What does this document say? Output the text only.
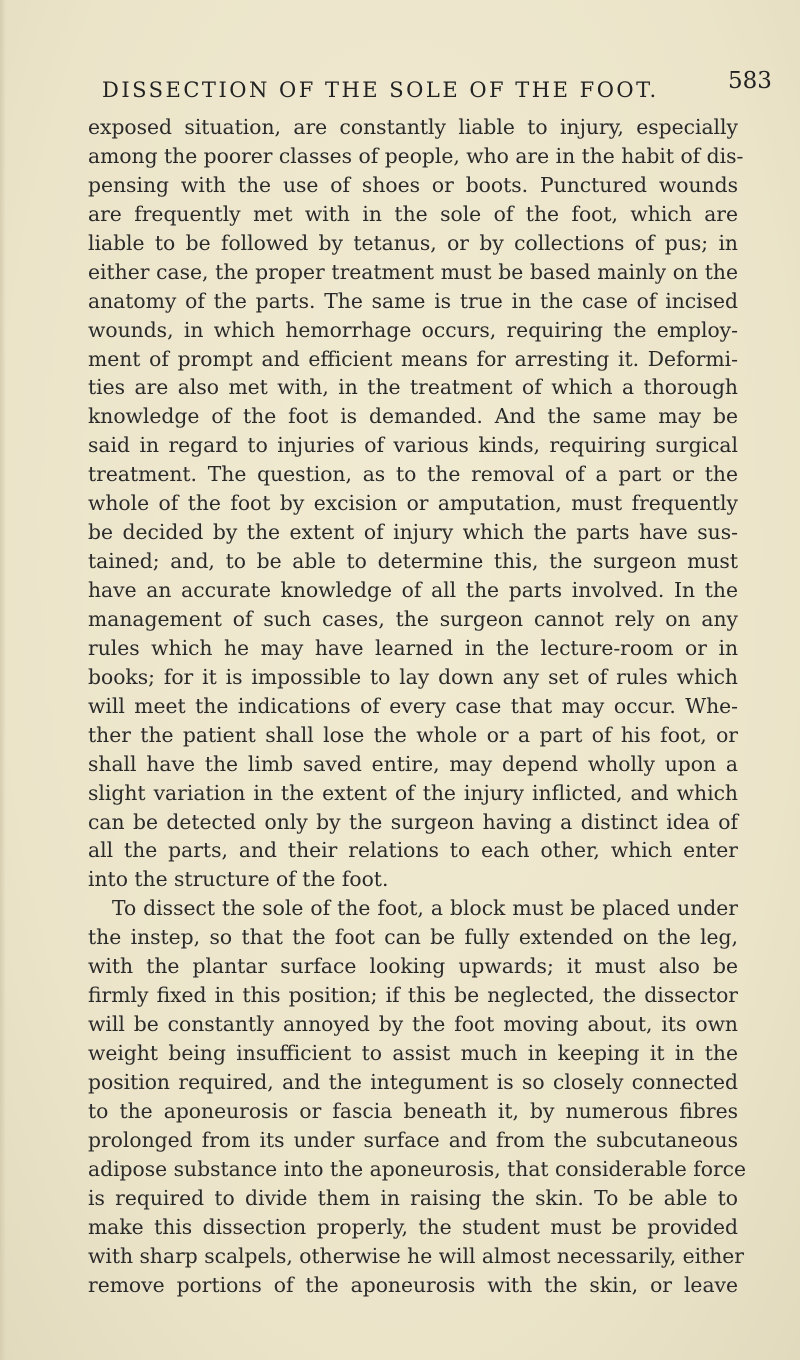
DISSECTION OF THE SOLE OF THE FOOT.	583
exposed situation, are constantly liable to injury, especially
among the poorer classes of people, who are in the habit of dis-
pensing with the use of shoes or boots. Punctured wounds
are frequently met with in the sole of the foot, which are
liable to be followed by tetanus, or by collections of pus; in
either case, the proper treatment must be based mainly on the
anatomy of the parts. The same is true in the case of incised
wounds, in which hemorrhage occurs, requiring the employ-
ment of prompt and efficient means for arresting it. Deformi-
ties are also met with, in the treatment of which a thorough
knowledge of the foot is demanded. And the same may be
said in regard to injuries of various kinds, requiring surgical
treatment. The question, as to the removal of a part or the
whole of the foot by excision or amputation, must frequently
be decided by the extent of injury which the parts have sus-
tained; and, to be able to determine this, the surgeon must
have an accurate knowledge of all the parts involved. In the
management of such cases, the surgeon cannot rely on any
rules which he may have learned in the lecture-room or in
books; for it is impossible to lay down any set of rules which
will meet the indications of every case that may occur. Whe-
ther the patient shall lose the whole or a part of his foot, or
shall have the limb saved entire, may depend wholly upon a
slight variation in the extent of the injury inflicted, and which
can be detected only by the surgeon having a distinct idea of
all the parts, and their relations to each other, which enter
into the structure of the foot.
To dissect the sole of the foot, a block must be placed under
the instep, so that the foot can be fully extended on the leg,
with the plantar surface looking upwards; it must also be
firmly fixed in this position; if this be neglected, the dissector
will be constantly annoyed by the foot moving about, its own
weight being insufficient to assist much in keeping it in the
position required, and the integument is so closely connected
to the aponeurosis or fascia beneath it, by numerous fibres
prolonged from its under surface and from the subcutaneous
adipose substance into the aponeurosis, that considerable force
is required to divide them in raising the skin. To be able to
make this dissection properly, the student must be provided
with sharp scalpels, otherwise he will almost necessarily, either
remove portions of the aponeurosis with the skin, or leave
